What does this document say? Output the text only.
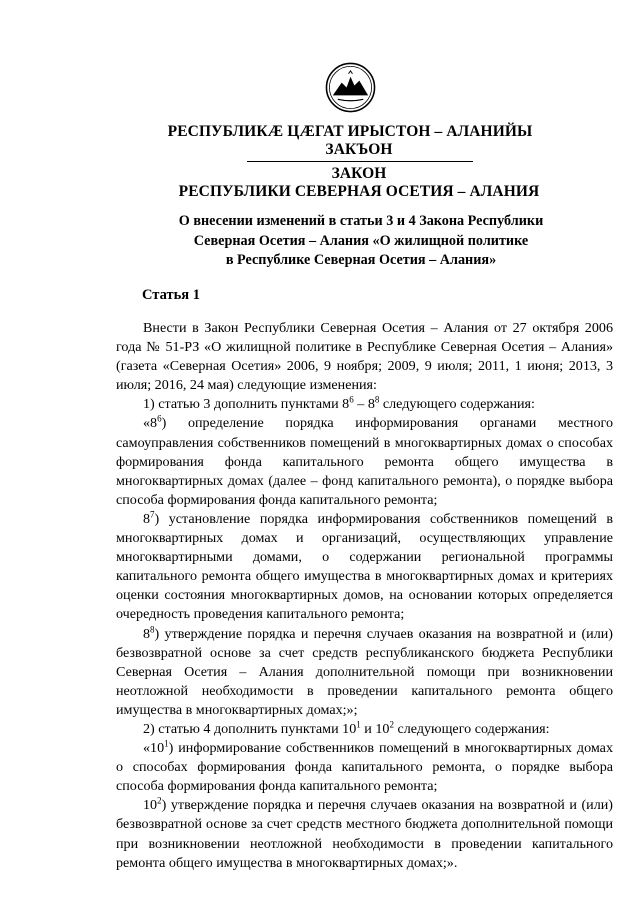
РЕСПУБЛИКÆ ЦÆГАТ ИРЫСТОН – АЛАНИЙЫ
ЗАКЪОН
ЗАКОН
РЕСПУБЛИКИ СЕВЕРНАЯ ОСЕТИЯ – АЛАНИЯ
О внесении изменений в статьи 3 и 4 Закона Республики
Северная Осетия – Алания «О жилищной политике
в Республике Северная Осетия – Алания»
Статья 1

Внести в Закон Республики Северная Осетия – Алания от 27 октября 2006 года № 51-РЗ «О жилищной политике в Республике Северная Осетия – Алания» (газета «Северная Осетия» 2006, 9 ноября; 2009, 9 июля; 2011, 1 июня; 2013, 3 июля; 2016, 24 мая) следующие изменения:

1) статью 3 дополнить пунктами $8^6 - 8^8$ следующего содержания:

«$8^6$) определение порядка информирования органами местного самоуправления собственников помещений в многоквартирных домах о способах формирования фонда капитального ремонта общего имущества в многоквартирных домах (далее – фонд капитального ремонта), о порядке выбора способа формирования фонда капитального ремонта;

$8^7$) установление порядка информирования собственников помещений в многоквартирных домах и организаций, осуществляющих управление многоквартирными домами, о содержании региональной программы капитального ремонта общего имущества в многоквартирных домах и критериях оценки состояния многоквартирных домов, на основании которых определяется очередность проведения капитального ремонта;

$8^8$) утверждение порядка и перечня случаев оказания на возвратной и (или) безвозвратной основе за счет средств республиканского бюджета Республики Северная Осетия – Алания дополнительной помощи при возникновении неотложной необходимости в проведении капитального ремонта общего имущества в многоквартирных домах;»;

2) статью 4 дополнить пунктами $10^1$ и $10^2$ следующего содержания:

«$10^1$) информирование собственников помещений в многоквартирных домах о способах формирования фонда капитального ремонта, о порядке выбора способа формирования фонда капитального ремонта;

$10^2$) утверждение порядка и перечня случаев оказания на возвратной и (или) безвозвратной основе за счет средств местного бюджета дополнительной помощи при возникновении неотложной необходимости в проведении капитального ремонта общего имущества в многоквартирных домах;».
